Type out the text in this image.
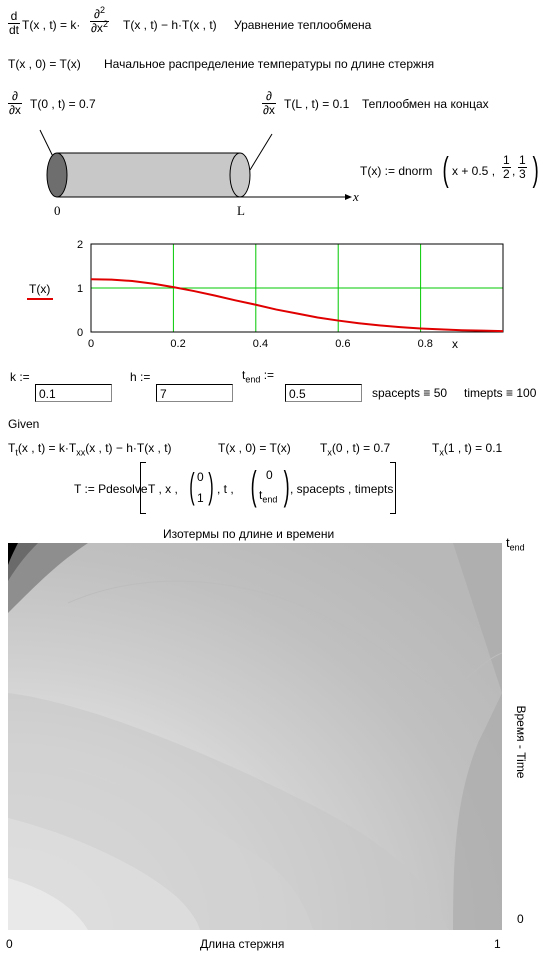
$\frac{d}{dt} T(x$ , $t) = k\cdot \frac{\partial^2}{\partial x^2} T(x$ , t) − h·T(x , t) Уравнение теплообмена
T(x , 0) = T(x) Начальное распределение температуры по длине стержня
∂
∂x T(0 , t) = 0.7
∂
∂x T(L , t) = 0.1 Теплообмен на концах
0	L
x
T(x) := dnorm ( x + 0.5 , $\frac{1}{2}$ , $\frac{1}{3}$ )
T(x)
0	0.2	0.4	0.6	0.8
0
1
2
x
k :=
0.1
h :=
7
$t_{end}$ :=
0.5	spacepts ≡ 50 timepts ≡ 100
Given
$T_t(x$ , $t) = k\cdot T_{xx}(x$ , t) − h·T(x , t)	T(x , 0) = T(x) $T_x(0$ , t) = 0.7	$T_x(1$ , t) = 0.1
T := Pdesolve T , x , ( 0
1 ) , t , ( 0
$t_{end}$ ) , spacepts , timepts
Изотермы по длине и времени
$t_{end}$
Время - Time
0
0	Длина стержня	1
